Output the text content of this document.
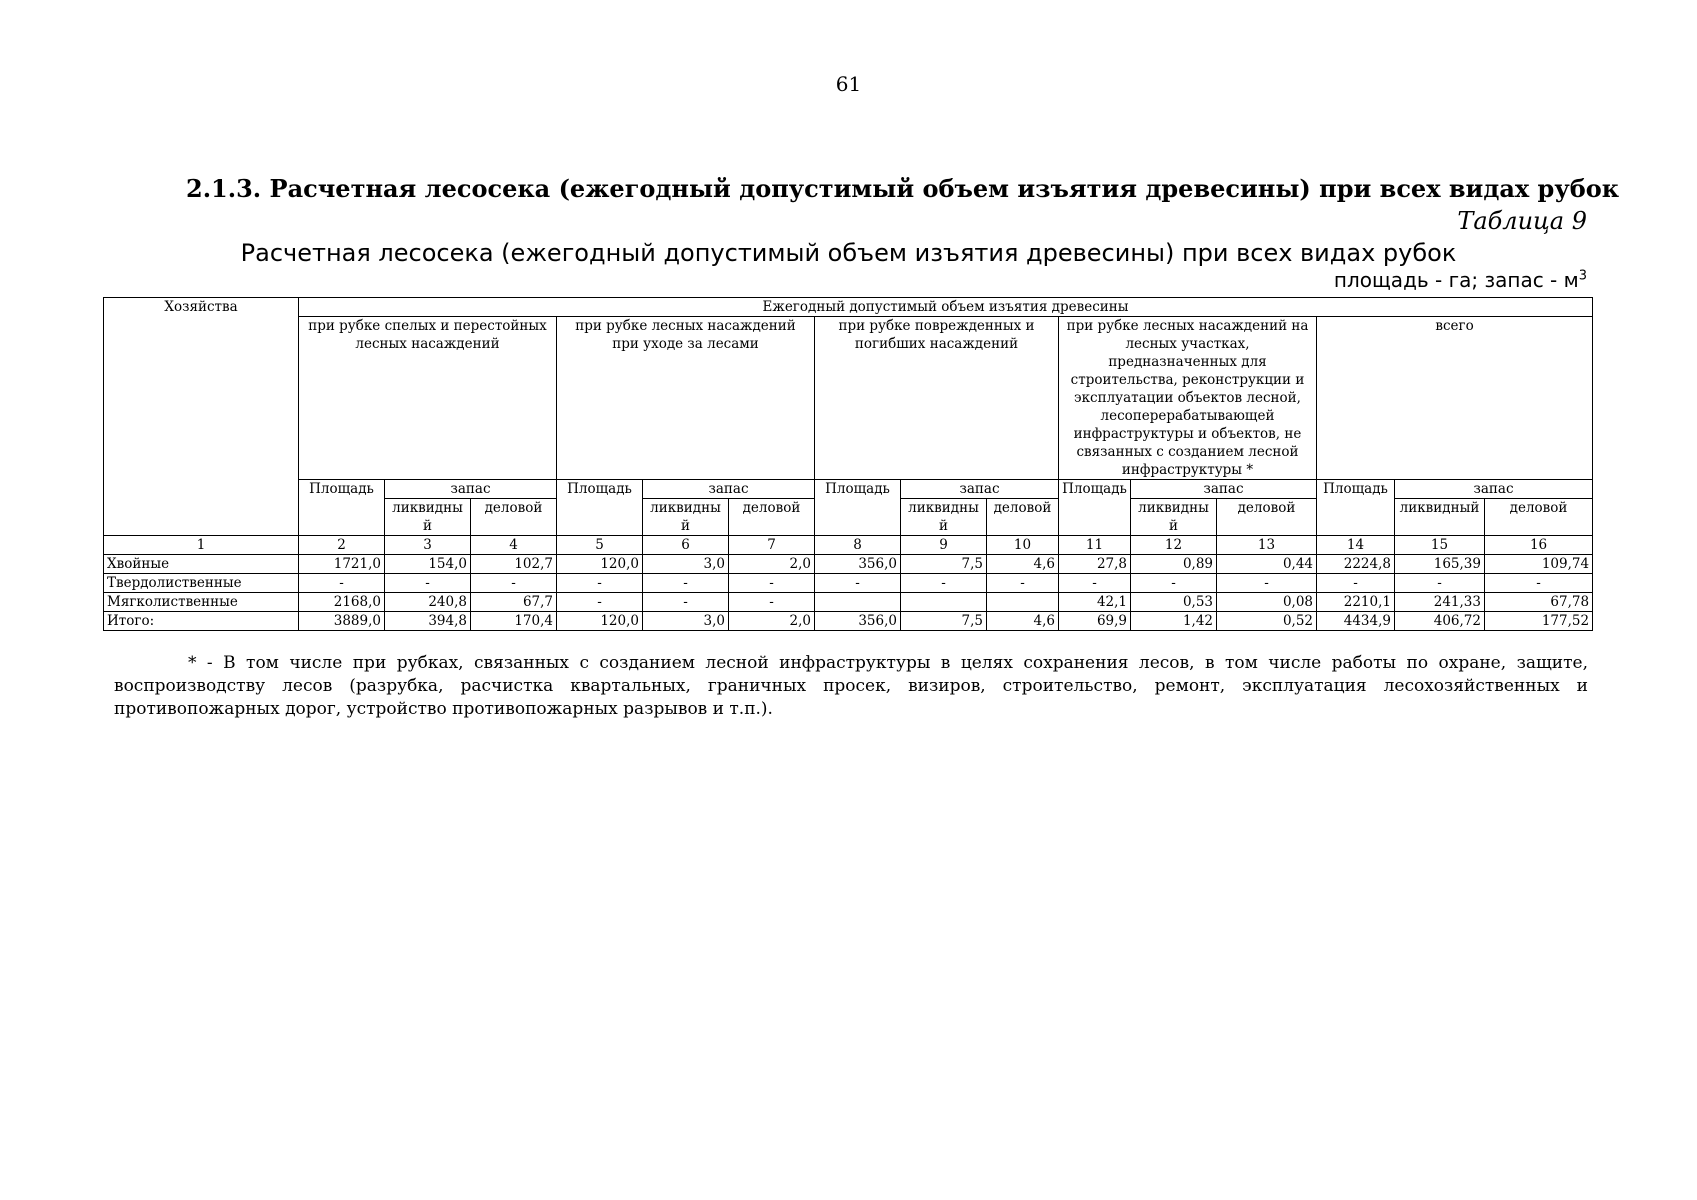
61
2.1.3. Расчетная лесосека (ежегодный допустимый объем изъятия древесины) при всех видах рубок
Таблица 9
Расчетная лесосека (ежегодный допустимый объем изъятия древесины) при всех видах рубок
площадь - га; запас - $м^3$
Хозяйства	Ежегодный допустимый объем изъятия древесины														
	при рубке спелых и перестойных лесных насаждений			при рубке лесных насаждений при уходе за лесами			при рубке поврежденных и погибших насаждений			при рубке лесных насаждений на лесных участках, предназначенных для строительства, реконструкции и эксплуатации объектов лесной, лесоперерабатывающей инфраструктуры и объектов, не связанных с созданием лесной инфраструктуры *			всего		
	Площадь	запас		Площадь	запас		Площадь	запас		Площадь	запас		Площадь	запас	
		ликвидный	деловой		ликвидный	деловой		ликвидный	деловой		ликвидный	деловой		ликвидный	деловой
1	2	3	4	5	6	7	8	9	10	11	12	13	14	15	16
Хвойные	1721,0	154,0	102,7	120,0	3,0	2,0	356,0	7,5	4,6	27,8	0,89	0,44	2224,8	165,39	109,74
Твердолиственные	-	-	-	-	-	-	-	-	-	-	-	-	-	-	-
Мягколиственные	2168,0	240,8	67,7	-	-	-				42,1	0,53	0,08	2210,1	241,33	67,78
Итого:	3889,0	394,8	170,4	120,0	3,0	2,0	356,0	7,5	4,6	69,9	1,42	0,52	4434,9	406,72	177,52
* - В том числе при рубках, связанных с созданием лесной инфраструктуры в целях сохранения лесов, в том числе работы по охране, защите, воспроизводству лесов (разрубка, расчистка квартальных, граничных просек, визиров, строительство, ремонт, эксплуатация лесохозяйственных и противопожарных дорог, устройство противопожарных разрывов и т.п.).
